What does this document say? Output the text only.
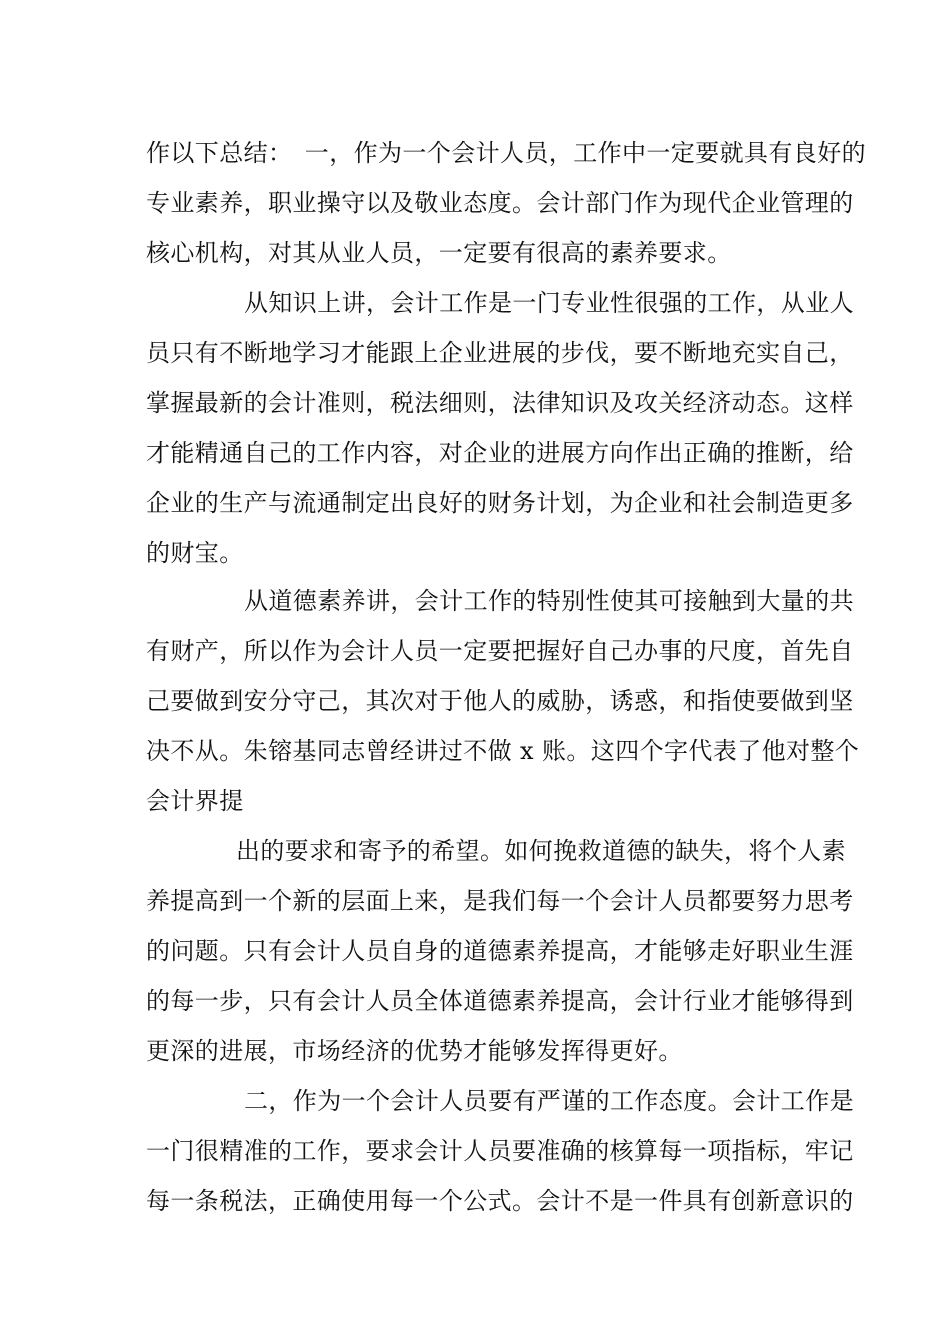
作以下总结：　一，作为一个会计人员，工作中一定要就具有良好的
专业素养，职业操守以及敬业态度。会计部门作为现代企业管理的
核心机构，对其从业人员，一定要有很高的素养要求。
从知识上讲，会计工作是一门专业性很强的工作，从业人
员只有不断地学习才能跟上企业进展的步伐，要不断地充实自己，
掌握最新的会计准则，税法细则，法律知识及攻关经济动态。这样
才能精通自己的工作内容，对企业的进展方向作出正确的推断，给
企业的生产与流通制定出良好的财务计划，为企业和社会制造更多
的财宝。
从道德素养讲，会计工作的特别性使其可接触到大量的共
有财产，所以作为会计人员一定要把握好自己办事的尺度，首先自
己要做到安分守己，其次对于他人的威胁，诱惑，和指使要做到坚
决不从。朱镕基同志曾经讲过不做 x 账。这四个字代表了他对整个
会计界提
出的要求和寄予的希望。如何挽救道德的缺失，将个人素
养提高到一个新的层面上来，是我们每一个会计人员都要努力思考
的问题。只有会计人员自身的道德素养提高，才能够走好职业生涯
的每一步，只有会计人员全体道德素养提高，会计行业才能够得到
更深的进展，市场经济的优势才能够发挥得更好。
二，作为一个会计人员要有严谨的工作态度。会计工作是
一门很精准的工作，要求会计人员要准确的核算每一项指标，牢记
每一条税法，正确使用每一个公式。会计不是一件具有创新意识的
